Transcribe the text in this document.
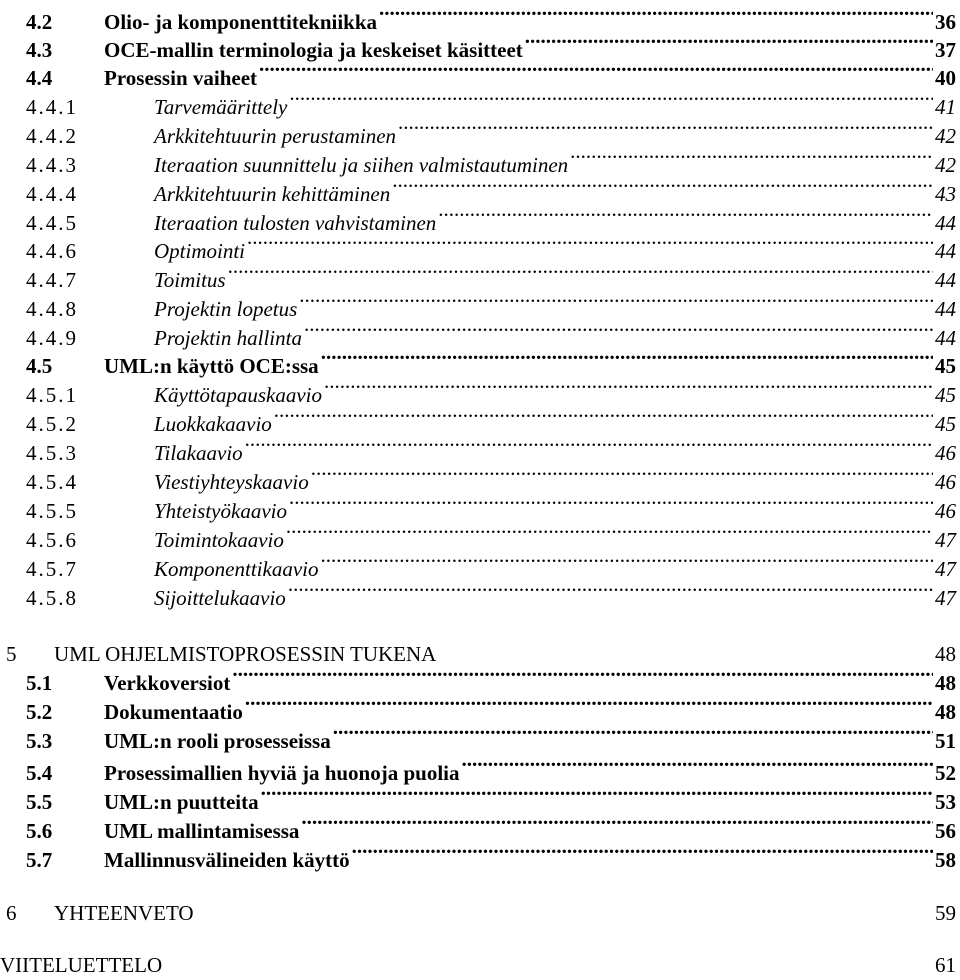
4.2	Olio- ja komponenttitekniikka .....	36
4.3	OCE-mallin terminologia ja keskeiset käsitteet .....	37
4.4	Prosessin vaiheet .....	40
4.4.1	Tarvemäärittely .....	41
4.4.2	Arkkitehtuurin perustaminen .....	42
4.4.3	Iteraation suunnittelu ja siihen valmistautuminen .....	42
4.4.4	Arkkitehtuurin kehittäminen .....	43
4.4.5	Iteraation tulosten vahvistaminen .....	44
4.4.6	Optimointi .....	44
4.4.7	Toimitus .....	44
4.4.8	Projektin lopetus .....	44
4.4.9	Projektin hallinta .....	44
4.5	UML:n käyttö OCE:ssa .....	45
4.5.1	Käyttötapauskaavio .....	45
4.5.2	Luokkakaavio .....	45
4.5.3	Tilakaavio .....	46
4.5.4	Viestiyhteyskaavio .....	46
4.5.5	Yhteistyökaavio .....	46
4.5.6	Toimintokaavio .....	47
4.5.7	Komponenttikaavio .....	47
4.5.8	Sijoittelukaavio .....	47
5	UML OHJELMISTOPROSESSIN TUKENA	48
5.1	Verkkoversiot .....	48
5.2	Dokumentaatio .....	48
5.3	UML:n rooli prosesseissa .....	51
5.4	Prosessimallien hyviä ja huonoja puolia .....	52
5.5	UML:n puutteita .....	53
5.6	UML mallintamisessa .....	56
5.7	Mallinnusvälineiden käyttö .....	58
6	YHTEENVETO	59
VIITELUETTELO	61
